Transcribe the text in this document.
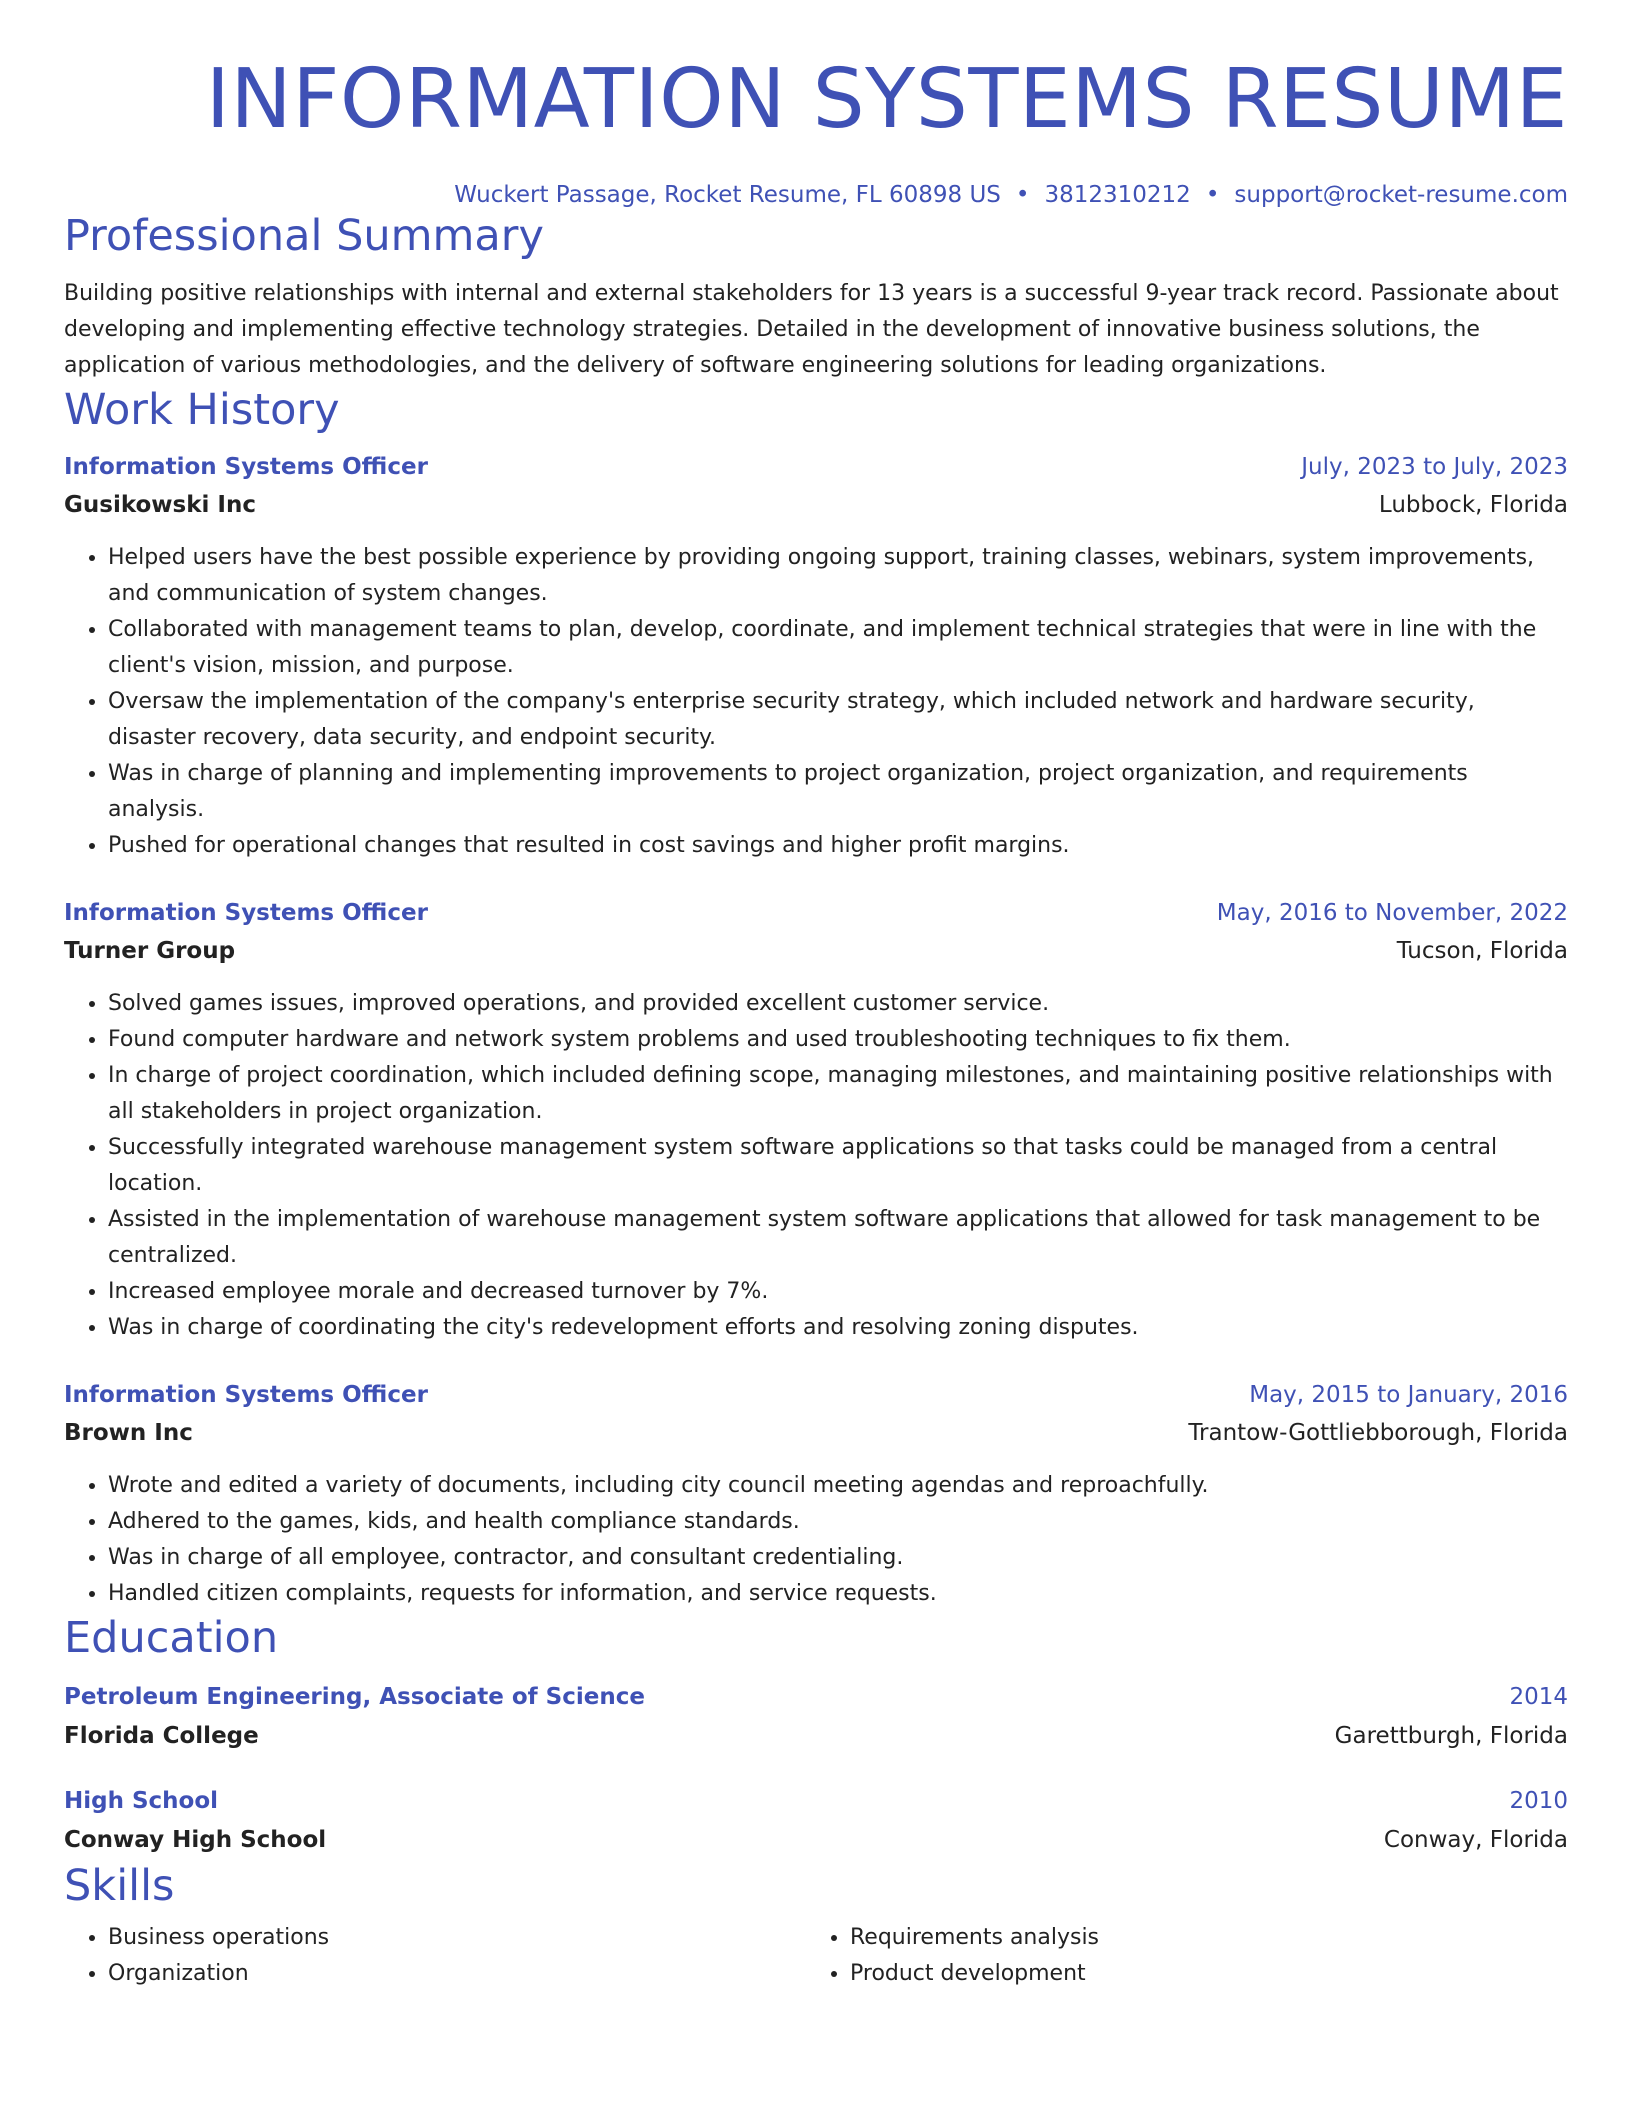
INFORMATION SYSTEMS RESUME
Wuckert Passage, Rocket Resume, FL 60898 US • 3812310212 • support@rocket-resume.com
Professional Summary
Building positive relationships with internal and external stakeholders for 13 years is a successful 9-year track record. Passionate about developing and implementing effective technology strategies. Detailed in the development of innovative business solutions, the application of various methodologies, and the delivery of software engineering solutions for leading organizations.
Work History
Information Systems Officer	July, 2023 to July, 2023
Gusikowski Inc	Lubbock, Florida
• Helped users have the best possible experience by providing ongoing support, training classes, webinars, system improvements, and communication of system changes.
• Collaborated with management teams to plan, develop, coordinate, and implement technical strategies that were in line with the client's vision, mission, and purpose.
• Oversaw the implementation of the company's enterprise security strategy, which included network and hardware security, disaster recovery, data security, and endpoint security.
• Was in charge of planning and implementing improvements to project organization, project organization, and requirements analysis.
• Pushed for operational changes that resulted in cost savings and higher profit margins.
Information Systems Officer	May, 2016 to November, 2022
Turner Group	Tucson, Florida
• Solved games issues, improved operations, and provided excellent customer service.
• Found computer hardware and network system problems and used troubleshooting techniques to fix them.
• In charge of project coordination, which included defining scope, managing milestones, and maintaining positive relationships with all stakeholders in project organization.
• Successfully integrated warehouse management system software applications so that tasks could be managed from a central location.
• Assisted in the implementation of warehouse management system software applications that allowed for task management to be centralized.
• Increased employee morale and decreased turnover by 7%.
• Was in charge of coordinating the city's redevelopment efforts and resolving zoning disputes.
Information Systems Officer	May, 2015 to January, 2016
Brown Inc	Trantow-Gottliebborough, Florida
• Wrote and edited a variety of documents, including city council meeting agendas and reproachfully.
• Adhered to the games, kids, and health compliance standards.
• Was in charge of all employee, contractor, and consultant credentialing.
• Handled citizen complaints, requests for information, and service requests.
Education
Petroleum Engineering, Associate of Science	2014
Florida College	Garettburgh, Florida
High School	2010
Conway High School	Conway, Florida
Skills
• Business operations
• Organization
• Requirements analysis
• Product development
